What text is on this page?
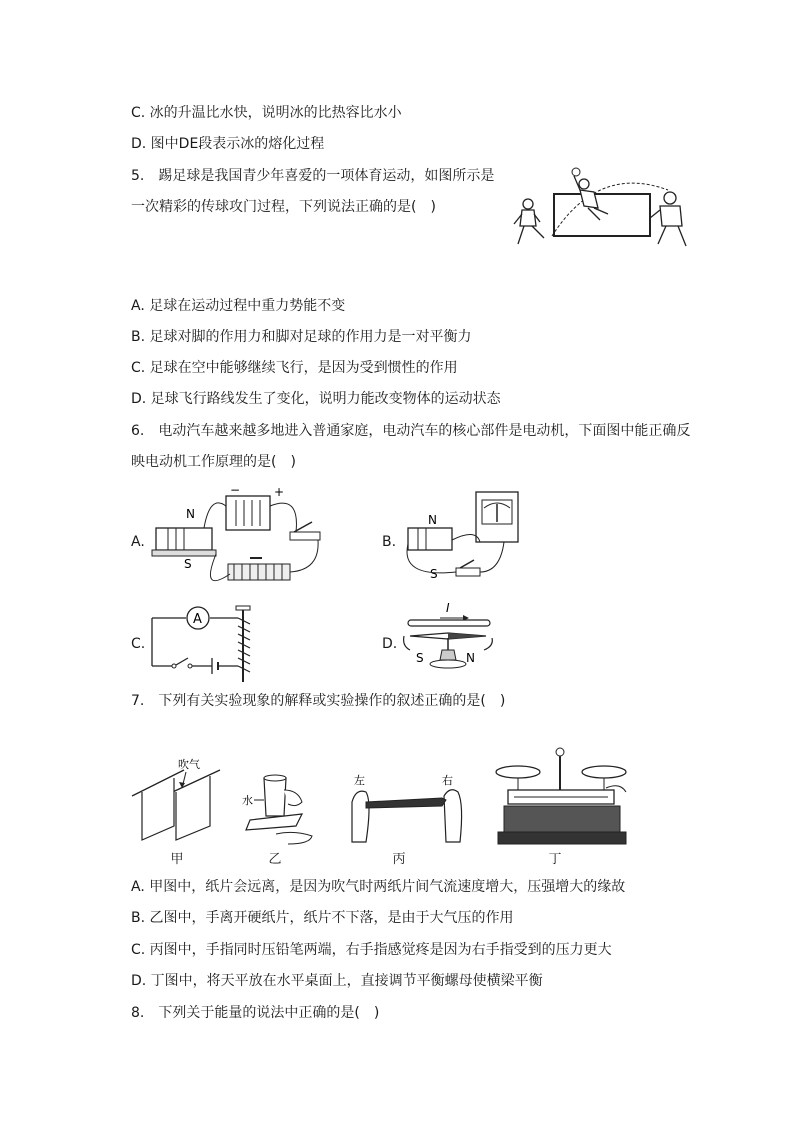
C. 冰的升温比水快，说明冰的比热容比水小
D. 图中DE段表示冰的熔化过程
5.　踢足球是我国青少年喜爱的一项体育运动，如图所示是
一次精彩的传球攻门过程，下列说法正确的是(　)
A. 足球在运动过程中重力势能不变
B. 足球对脚的作用力和脚对足球的作用力是一对平衡力
C. 足球在空中能够继续飞行，是因为受到惯性的作用
D. 足球飞行路线发生了变化，说明力能改变物体的运动状态
6.　电动汽车越来越多地进入普通家庭，电动汽车的核心部件是电动机，下面图中能正确反
映电动机工作原理的是(　)
A.
−	+
N
S
B.
N
S
C.
A
D.
I
S	N
7.　下列有关实验现象的解释或实验操作的叙述正确的是(　)
吹气
甲
水
乙
左	右
丙	丁
A. 甲图中，纸片会远离，是因为吹气时两纸片间气流速度增大，压强增大的缘故
B. 乙图中，手离开硬纸片，纸片不下落，是由于大气压的作用
C. 丙图中，手指同时压铅笔两端，右手指感觉疼是因为右手指受到的压力更大
D. 丁图中，将天平放在水平桌面上，直接调节平衡螺母使横梁平衡
8.　下列关于能量的说法中正确的是(　)
